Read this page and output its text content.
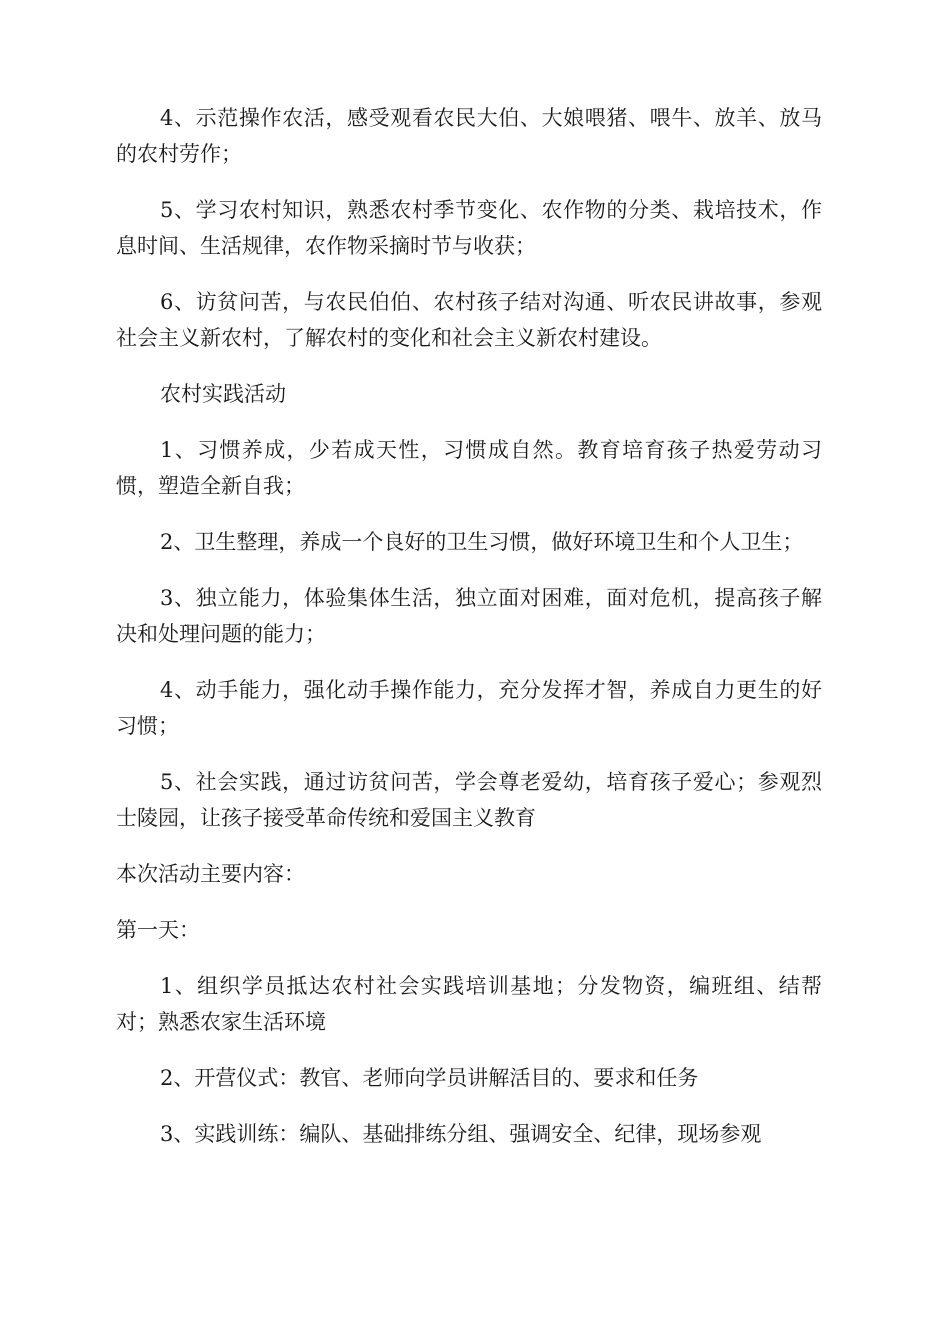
4、示范操作农活，感受观看农民大伯、大娘喂猪、喂牛、放羊、放马的农村劳作；

5、学习农村知识，熟悉农村季节变化、农作物的分类、栽培技术，作息时间、生活规律，农作物采摘时节与收获；

6、访贫问苦，与农民伯伯、农村孩子结对沟通、听农民讲故事，参观社会主义新农村，了解农村的变化和社会主义新农村建设。

农村实践活动

1、习惯养成，少若成天性，习惯成自然。教育培育孩子热爱劳动习惯，塑造全新自我；

2、卫生整理，养成一个良好的卫生习惯，做好环境卫生和个人卫生；

3、独立能力，体验集体生活，独立面对困难，面对危机，提高孩子解决和处理问题的能力；

4、动手能力，强化动手操作能力，充分发挥才智，养成自力更生的好习惯；

5、社会实践，通过访贫问苦，学会尊老爱幼，培育孩子爱心；参观烈士陵园，让孩子接受革命传统和爱国主义教育

本次活动主要内容：

第一天：

1、组织学员抵达农村社会实践培训基地；分发物资，编班组、结帮对；熟悉农家生活环境

2、开营仪式：教官、老师向学员讲解活目的、要求和任务

3、实践训练：编队、基础排练分组、强调安全、纪律，现场参观
